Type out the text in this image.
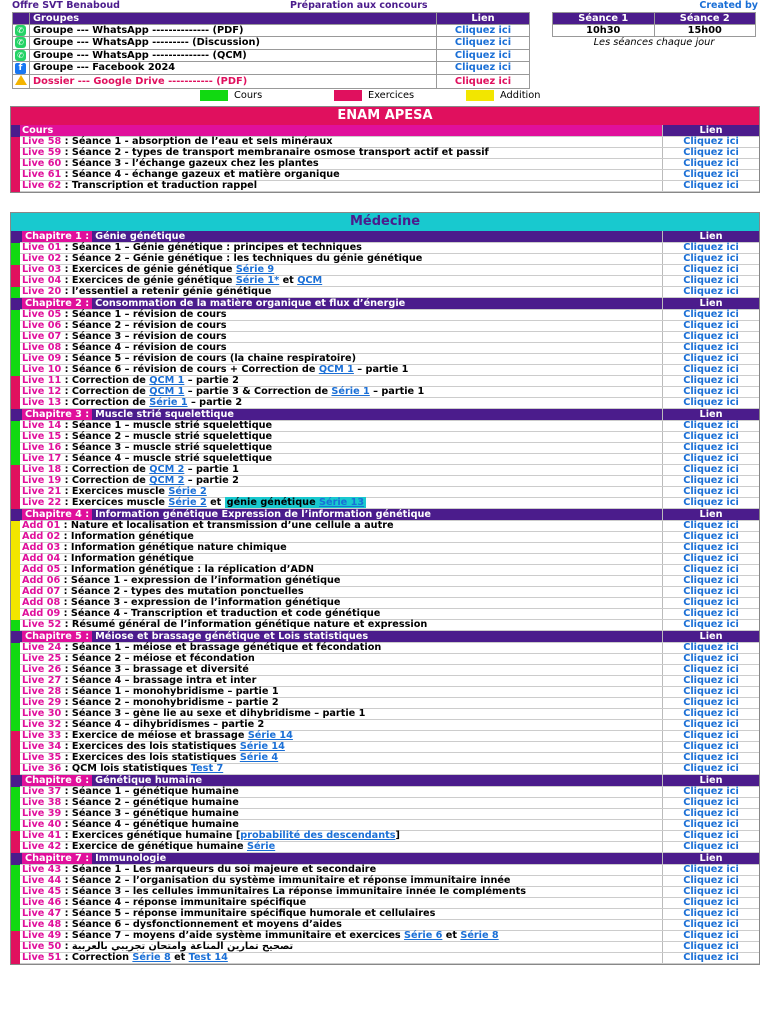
Offre SVT Benaboud	Préparation aux concours	Created by
	Groupes	Lien
✆	Groupe --- WhatsApp -------------- (PDF)	Cliquez ici
✆	Groupe --- WhatsApp --------- (Discussion)	Cliquez ici
✆	Groupe --- WhatsApp -------------- (QCM)	Cliquez ici
f	Groupe --- Facebook 2024	Cliquez ici
	Dossier --- Google Drive ----------- (PDF)	Cliquez ici
Séance 1	Séance 2
10h30	15h00
Les séances chaque jour	
Cours	Exercices	Addition
ENAM APESA
	Cours	Lien
	Live 58 : Séance 1 - absorption de l’eau et sels minéraux	Cliquez ici
	Live 59 : Séance 2 - types de transport membranaire osmose transport actif et passif	Cliquez ici
	Live 60 : Séance 3 - l’échange gazeux chez les plantes	Cliquez ici
	Live 61 : Séance 4 - échange gazeux et matière organique	Cliquez ici
	Live 62 : Transcription et traduction rappel	Cliquez ici
Médecine
	Chapitre 1 : Génie génétique	Lien
	Live 01 : Séance 1 – Génie génétique : principes et techniques	Cliquez ici
	Live 02 : Séance 2 – Génie génétique : les techniques du génie génétique	Cliquez ici
	Live 03 : Exercices de génie génétique Série 9	Cliquez ici
	Live 04 : Exercices de génie génétique Série 1* et QCM	Cliquez ici
	Live 20 : l’essentiel a retenir génie génétique	Cliquez ici
	Chapitre 2 : Consommation de la matière organique et flux d’énergie	Lien
	Live 05 : Séance 1 – révision de cours	Cliquez ici
	Live 06 : Séance 2 – révision de cours	Cliquez ici
	Live 07 : Séance 3 – révision de cours	Cliquez ici
	Live 08 : Séance 4 – révision de cours	Cliquez ici
	Live 09 : Séance 5 – révision de cours (la chaine respiratoire)	Cliquez ici
	Live 10 : Séance 6 – révision de cours + Correction de QCM 1 – partie 1	Cliquez ici
	Live 11 : Correction de QCM 1 – partie 2	Cliquez ici
	Live 12 : Correction de QCM 1 – partie 3 & Correction de Série 1 – partie 1	Cliquez ici
	Live 13 : Correction de Série 1 – partie 2	Cliquez ici
	Chapitre 3 : Muscle strié squelettique	Lien
	Live 14 : Séance 1 – muscle strié squelettique	Cliquez ici
	Live 15 : Séance 2 – muscle strié squelettique	Cliquez ici
	Live 16 : Séance 3 – muscle strié squelettique	Cliquez ici
	Live 17 : Séance 4 – muscle strié squelettique	Cliquez ici
	Live 18 : Correction de QCM 2 – partie 1	Cliquez ici
	Live 19 : Correction de QCM 2 – partie 2	Cliquez ici
	Live 21 : Exercices muscle Série 2	Cliquez ici
	Live 22 : Exercices muscle Série 2 et génie génétique Série 13	Cliquez ici
	Chapitre 4 : Information génétique Expression de l’information génétique	Lien
	Add 01 : Nature et localisation et transmission d’une cellule a autre	Cliquez ici
	Add 02 : Information génétique	Cliquez ici
	Add 03 : Information génétique nature chimique	Cliquez ici
	Add 04 : Information génétique	Cliquez ici
	Add 05 : Information génétique : la réplication d’ADN	Cliquez ici
	Add 06 : Séance 1 - expression de l’information génétique	Cliquez ici
	Add 07 : Séance 2 - types des mutation ponctuelles	Cliquez ici
	Add 08 : Séance 3 - expression de l’information génétique	Cliquez ici
	Add 09 : Séance 4 - Transcription et traduction et code génétique	Cliquez ici
	Live 52 : Résumé général de l’information génétique nature et expression	Cliquez ici
	Chapitre 5 : Méiose et brassage génétique et Lois statistiques	Lien
	Live 24 : Séance 1 – méiose et brassage génétique et fécondation	Cliquez ici
	Live 25 : Séance 2 – méiose et fécondation	Cliquez ici
	Live 26 : Séance 3 – brassage et diversité	Cliquez ici
	Live 27 : Séance 4 – brassage intra et inter	Cliquez ici
	Live 28 : Séance 1 – monohybridisme – partie 1	Cliquez ici
	Live 29 : Séance 2 – monohybridisme – partie 2	Cliquez ici
	Live 30 : Séance 3 – gène lie au sexe et dihybridisme – partie 1	Cliquez ici
	Live 32 : Séance 4 – dihybridismes – partie 2	Cliquez ici
	Live 33 : Exercice de méiose et brassage Série 14	Cliquez ici
	Live 34 : Exercices des lois statistiques Série 14	Cliquez ici
	Live 35 : Exercices des lois statistiques Série 4	Cliquez ici
	Live 36 : QCM lois statistiques Test 7	Cliquez ici
	Chapitre 6 : Génétique humaine	Lien
	Live 37 : Séance 1 – génétique humaine	Cliquez ici
	Live 38 : Séance 2 – génétique humaine	Cliquez ici
	Live 39 : Séance 3 – génétique humaine	Cliquez ici
	Live 40 : Séance 4 – génétique humaine	Cliquez ici
	Live 41 : Exercices génétique humaine [probabilité des descendants]	Cliquez ici
	Live 42 : Exercice de génétique humaine Série	Cliquez ici
	Chapitre 7 : Immunologie	Lien
	Live 43 : Séance 1 – Les marqueurs du soi majeure et secondaire	Cliquez ici
	Live 44 : Séance 2 – l’organisation du système immunitaire et réponse immunitaire innée	Cliquez ici
	Live 45 : Séance 3 – les cellules immunitaires La réponse immunitaire innée le compléments	Cliquez ici
	Live 46 : Séance 4 – réponse immunitaire spécifique	Cliquez ici
	Live 47 : Séance 5 – réponse immunitaire spécifique humorale et cellulaires	Cliquez ici
	Live 48 : Séance 6 – dysfonctionnement et moyens d’aides	Cliquez ici
	Live 49 : Séance 7 – moyens d’aide système immunitaire et exercices Série 6 et Série 8	Cliquez ici
	Live 50 : تصحيح تمارين المناعة وامتحان تجريبي بالعربية	Cliquez ici
	Live 51 : Correction Série 8 et Test 14	Cliquez ici
